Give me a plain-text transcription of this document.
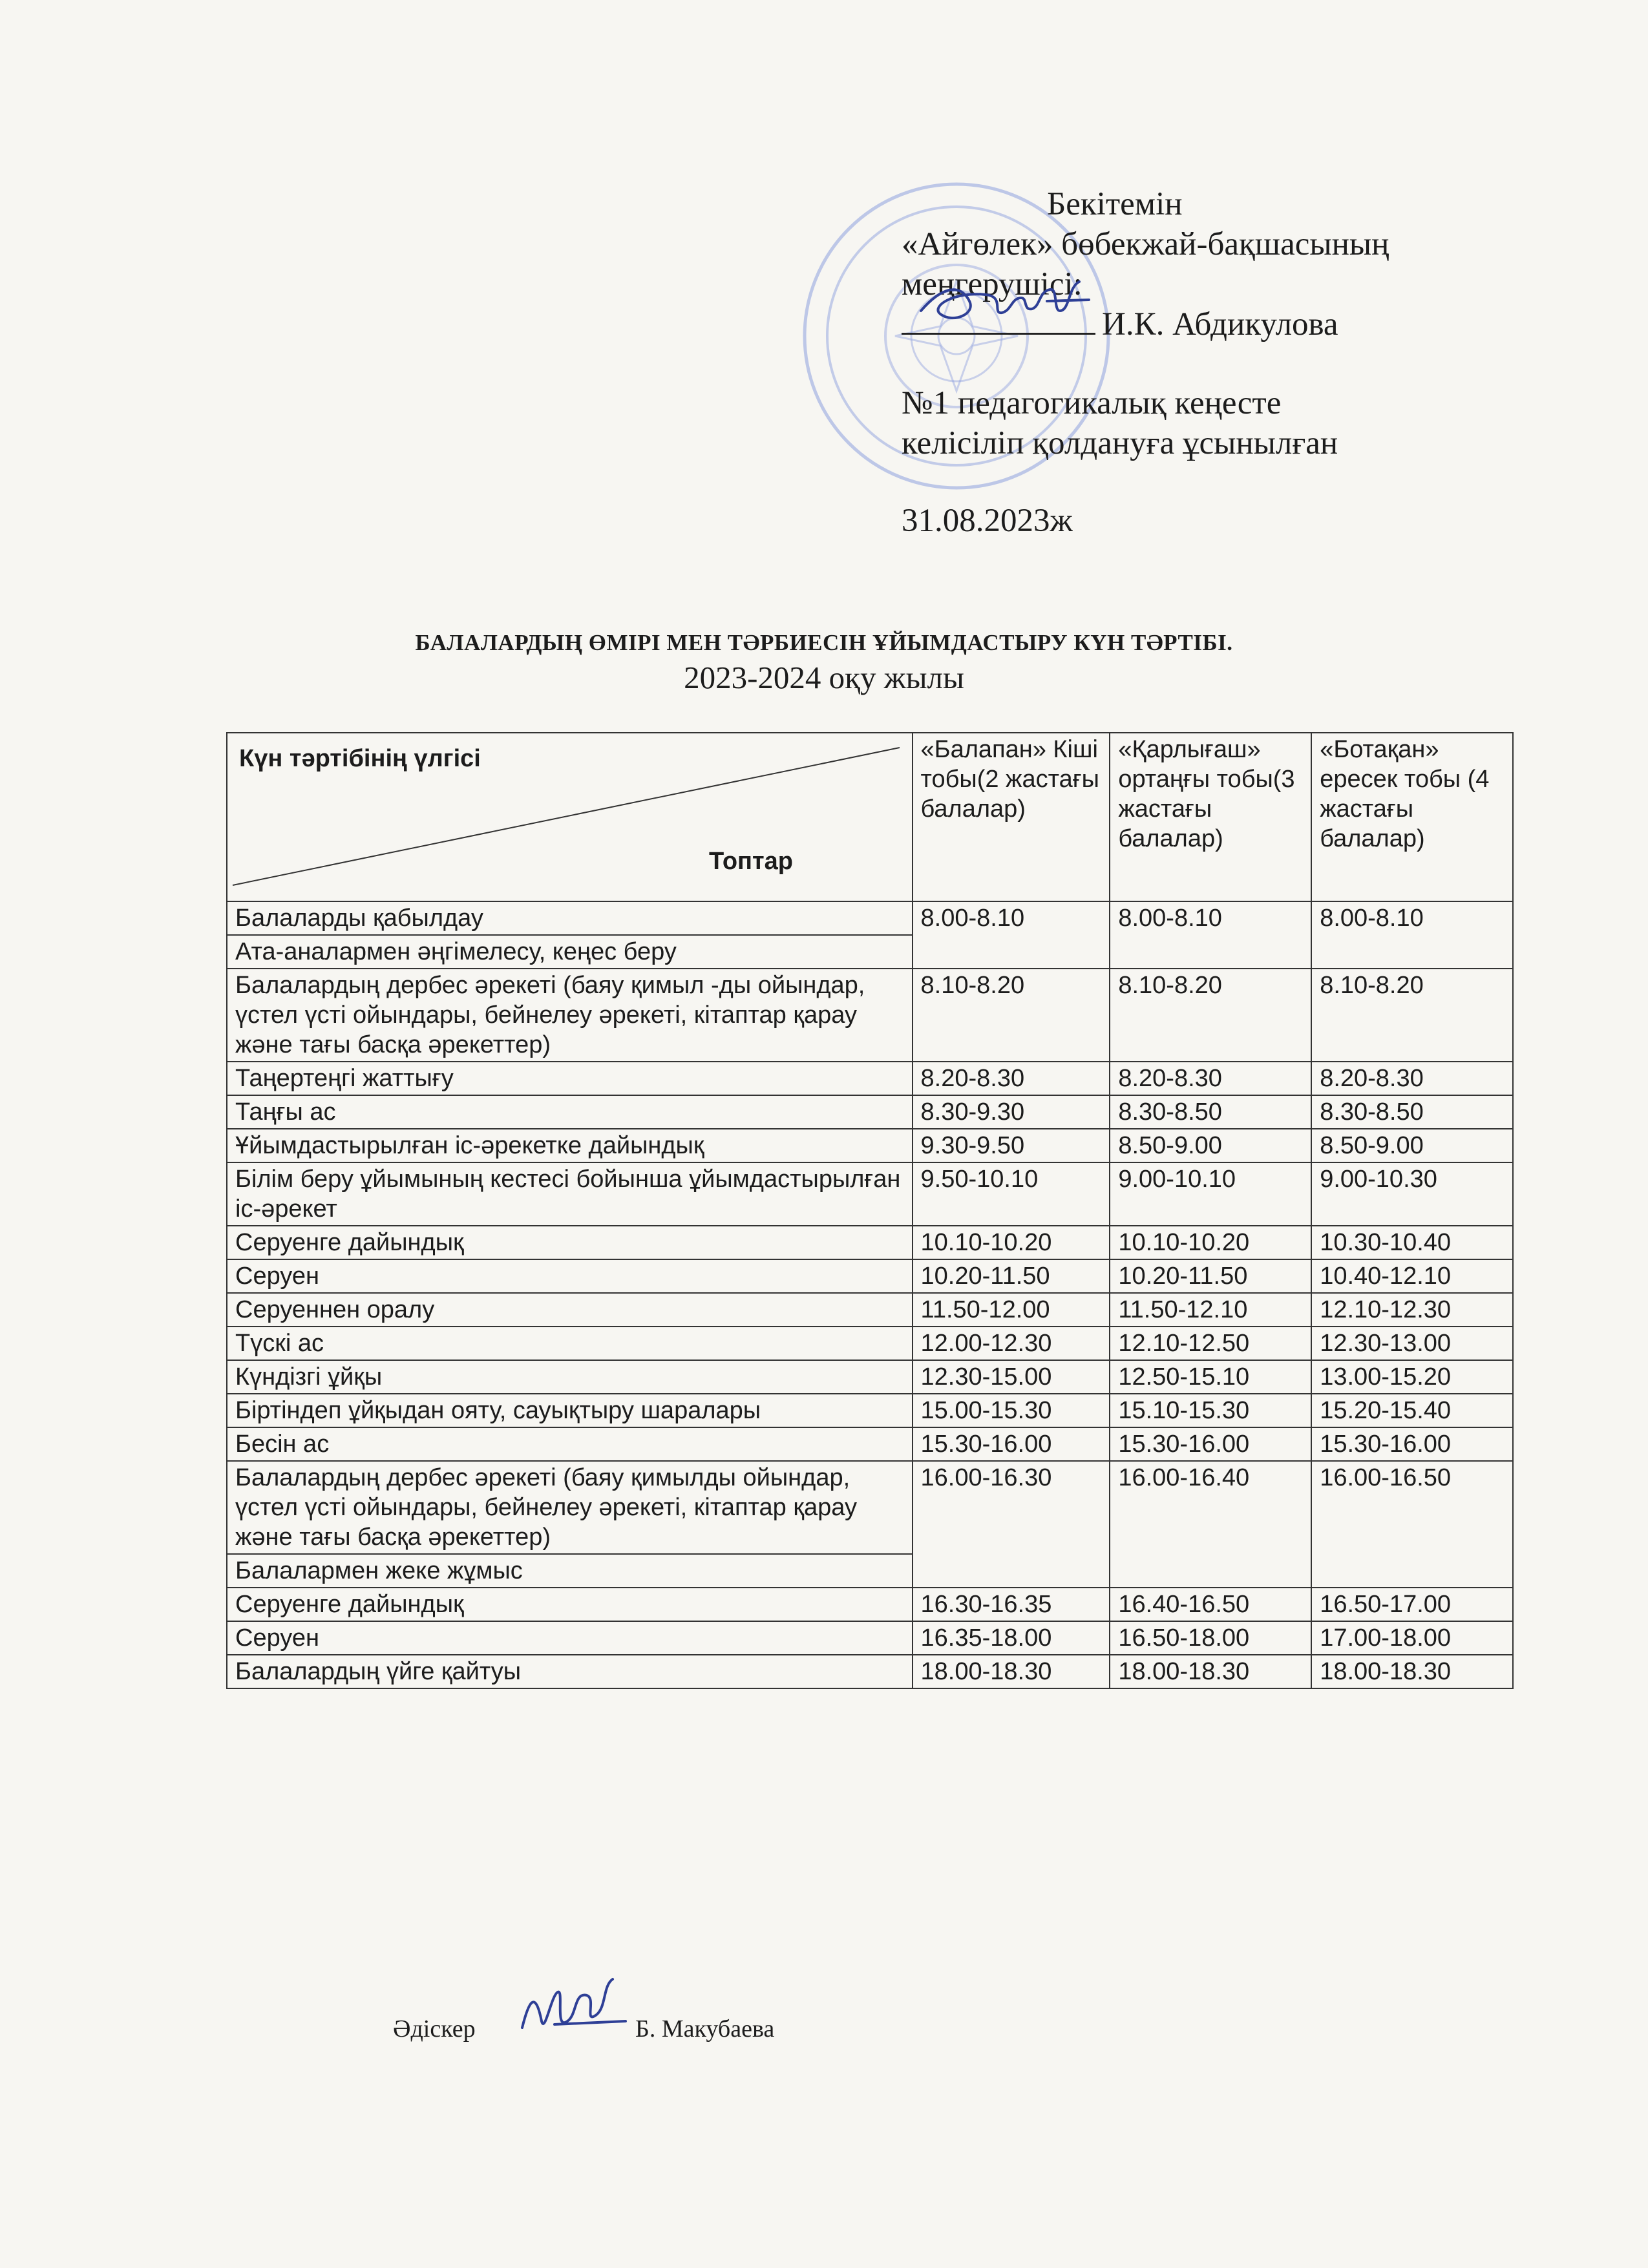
Бекітемін
«Айгөлек» бөбекжай-бақшасының
меңгерушісі:
И.К. Абдикулова
№1 педагогикалық кеңесте
келісіліп қолдануға ұсынылған
31.08.2023ж
БАЛАЛАРДЫҢ ӨМІРІ МЕН ТӘРБИЕСІН ҰЙЫМДАСТЫРУ КҮН ТӘРТІБІ.
2023-2024 оқу жылы
Күн тәртібінің үлгісі
Топтар	«Балапан» Кіші тобы(2 жастағы балалар)	«Қарлығаш» ортаңғы тобы(3 жастағы балалар)	«Ботақан» ересек тобы (4 жастағы балалар)
Балаларды қабылдау	8.00-8.10	8.00-8.10	8.00-8.10
Ата-аналармен әңгімелесу, кеңес беру			
Балалардың дербес әрекеті (баяу қимыл -ды ойындар, үстел үсті ойындары, бейнелеу әрекеті, кітаптар қарау және тағы басқа әрекеттер)	8.10-8.20	8.10-8.20	8.10-8.20
Таңертеңгі жаттығу	8.20-8.30	8.20-8.30	8.20-8.30
Таңғы ас	8.30-9.30	8.30-8.50	8.30-8.50
Ұйымдастырылған іс-әрекетке дайындық	9.30-9.50	8.50-9.00	8.50-9.00
Білім беру ұйымының кестесі бойынша ұйымдастырылған іс-әрекет	9.50-10.10	9.00-10.10	9.00-10.30
Серуенге дайындық	10.10-10.20	10.10-10.20	10.30-10.40
Серуен	10.20-11.50	10.20-11.50	10.40-12.10
Серуеннен оралу	11.50-12.00	11.50-12.10	12.10-12.30
Түскі ас	12.00-12.30	12.10-12.50	12.30-13.00
Күндізгі ұйқы	12.30-15.00	12.50-15.10	13.00-15.20
Біртіндеп ұйқыдан ояту, сауықтыру шаралары	15.00-15.30	15.10-15.30	15.20-15.40
Бесін ас	15.30-16.00	15.30-16.00	15.30-16.00
Балалардың дербес әрекеті (баяу қимылды ойындар, үстел үсті ойындары, бейнелеу әрекеті, кітаптар қарау және тағы басқа әрекеттер)	16.00-16.30	16.00-16.40	16.00-16.50
Балалармен жеке жұмыс			
Серуенге дайындық	16.30-16.35	16.40-16.50	16.50-17.00
Серуен	16.35-18.00	16.50-18.00	17.00-18.00
Балалардың үйге қайтуы	18.00-18.30	18.00-18.30	18.00-18.30
Әдіскер	Б. Макубаева
